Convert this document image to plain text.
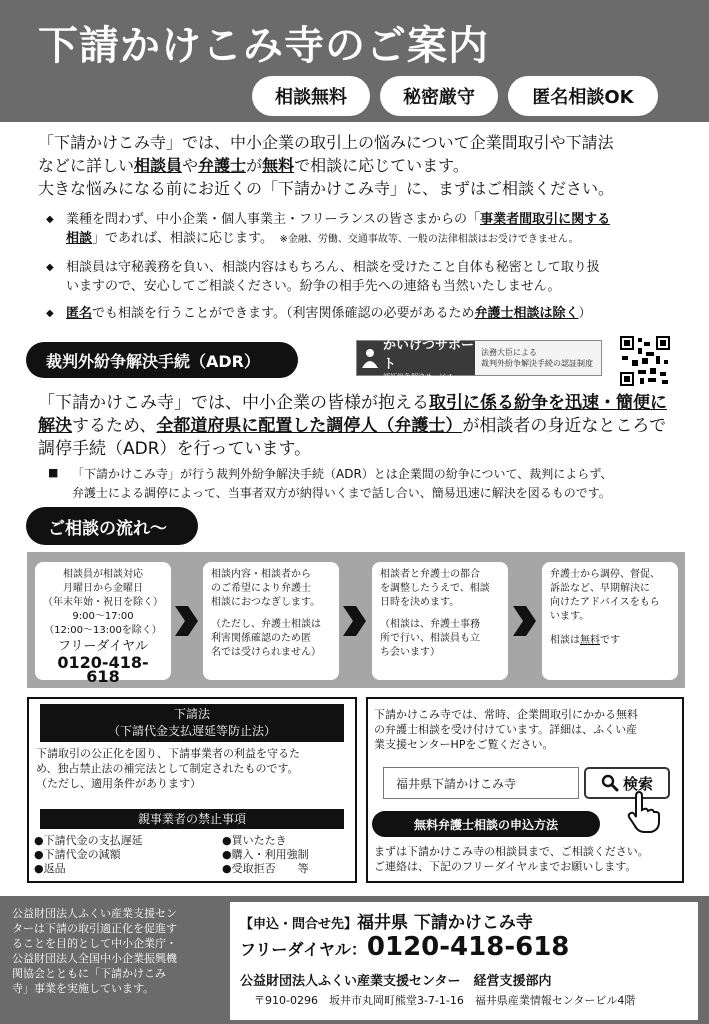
下請かけこみ寺のご案内
相談無料	秘密厳守	匿名相談OK
「下請かけこみ寺」では、中小企業の取引上の悩みについて企業間取引や下請法
などに詳しい相談員や弁護士が無料で相談に応じています。
大きな悩みになる前にお近くの「下請かけこみ寺」に、まずはご相談ください。
◆ 業種を問わず、中小企業・個人事業主・フリーランスの皆さまからの「事業者間取引に関する
相談」であれば、相談に応じます。　 ※金融、労働、交通事故等、一般の法律相談はお受けできません。
◆ 相談員は守秘義務を負い、相談内容はもちろん、相談を受けたこと自体も秘密として取り扱
いますので、安心してご相談ください。紛争の相手先への連絡も当然いたしません。
◆ 匿名でも相談を行うことができます。（利害関係確認の必要があるため弁護士相談は除く）
裁判外紛争解決手続（ADR）
かいけつサポート
認証紛争解決サービス
法務大臣による
裁判外紛争解決手続の認証制度
「下請かけこみ寺」では、中小企業の皆様が抱える取引に係る紛争を迅速・簡便に
解決するため、全都道府県に配置した調停人（弁護士）が相談者の身近なところで
調停手続（ADR）を行っています。
■ 「下請かけこみ寺」が行う裁判外紛争解決手続（ADR）とは企業間の紛争について、裁判によらず、
弁護士による調停によって、当事者双方が納得いくまで話し合い、簡易迅速に解決を図るものです。
ご相談の流れ～
相談員が相談対応
月曜日から金曜日
（年末年始・祝日を除く）
9:00～17:00
（12:00～13:00を除く）
フリーダイヤル
0120-418-618
相談内容・相談者から
のご希望により弁護士
相談におつなぎします。
（ただし、弁護士相談は
利害関係確認のため匿
名では受けられません）
相談者と弁護士の都合
を調整したうえで、相談
日時を決めます。
（相談は、弁護士事務
所で行い、相談員も立
ち会います）
弁護士から調停、督促、
訴訟など、早期解決に
向けたアドバイスをもら
います。
相談は無料です
下請法
（下請代金支払遅延等防止法）
下請取引の公正化を図り、下請事業者の利益を守るた
め、独占禁止法の補完法として制定されたものです。
（ただし、適用条件があります）
親事業者の禁止事項
●下請代金の支払遅延
●下請代金の減額
●返品
●買いたたき
●購入・利用強制
●受取拒否　　等
下請かけこみ寺では、常時、企業間取引にかかる無料
の弁護士相談を受け付けています。詳細は、ふくい産
業支援センターHPをご覧ください。
福井県下請かけこみ寺	検索
無料弁護士相談の申込方法
まずは下請かけこみ寺の相談員まで、ご相談ください。
ご連絡は、下記のフリーダイヤルまでお願いします。
公益財団法人ふくい産業支援セン
ターは下請の取引適正化を促進す
ることを目的として中小企業庁・
公益財団法人全国中小企業振興機
関協会とともに「下請かけこみ
寺」事業を実施しています。
【申込・問合せ先】福井県 下請かけこみ寺
フリーダイヤル：0120-418-618
公益財団法人ふくい産業支援センター　経営支援部内
〒910-0296　坂井市丸岡町熊堂3-7-1-16　福井県産業情報センタービル4階
